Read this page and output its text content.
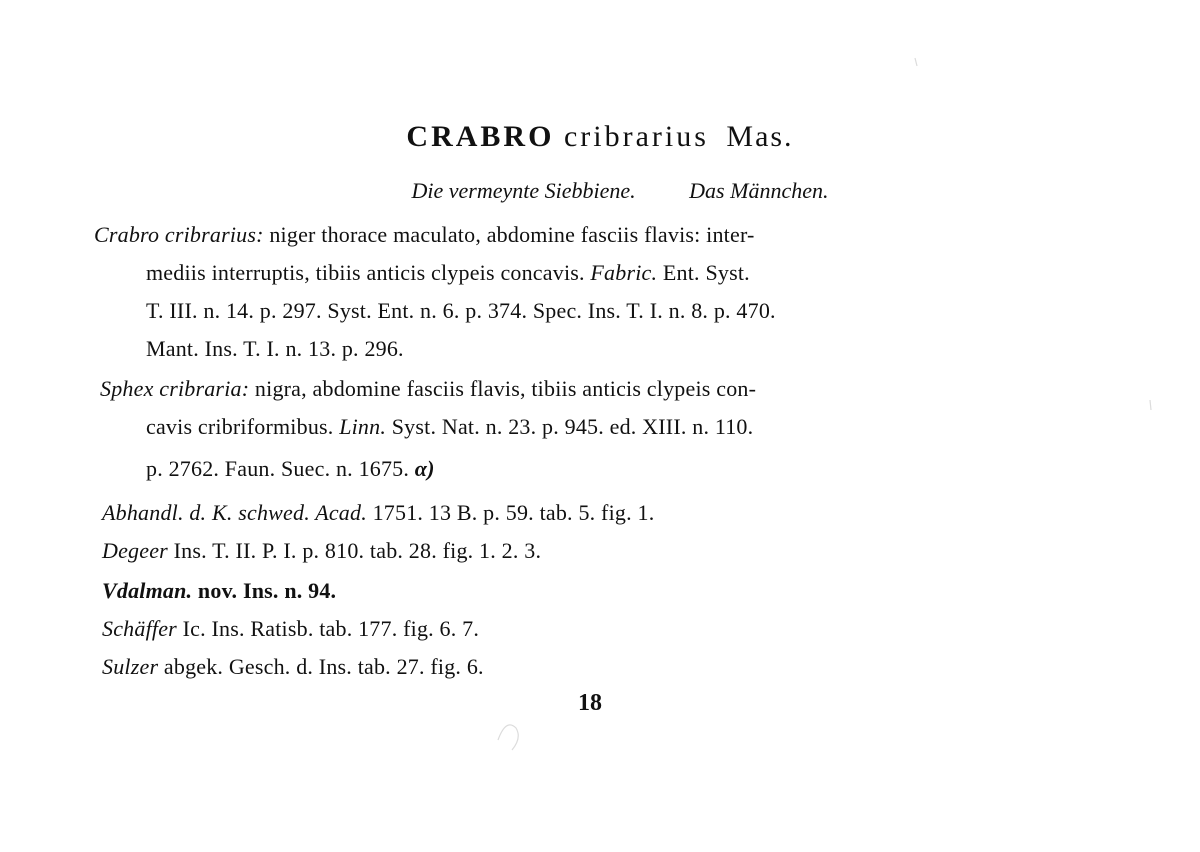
CRABRO cribrarius Mas.
Die vermeynte Siebbiene. Das Männchen.
Crabro cribrarius: niger thorace maculato, abdomine fasciis flavis: inter-
mediis interruptis, tibiis anticis clypeis concavis. Fabric. Ent. Syst.
T. III. n. 14. p. 297. Syst. Ent. n. 6. p. 374. Spec. Ins. T. I. n. 8. p. 470.
Mant. Ins. T. I. n. 13. p. 296.
Sphex cribraria: nigra, abdomine fasciis flavis, tibiis anticis clypeis con-
cavis cribriformibus. Linn. Syst. Nat. n. 23. p. 945. ed. XIII. n. 110.
p. 2762. Faun. Suec. n. 1675. α)
Abhandl. d. K. schwed. Acad. 1751. 13 B. p. 59. tab. 5. fig. 1.
Degeer Ins. T. II. P. I. p. 810. tab. 28. fig. 1. 2. 3.
Vdalman. nov. Ins. n. 94.
Schäffer Ic. Ins. Ratisb. tab. 177. fig. 6. 7.
Sulzer abgek. Gesch. d. Ins. tab. 27. fig. 6.
18
